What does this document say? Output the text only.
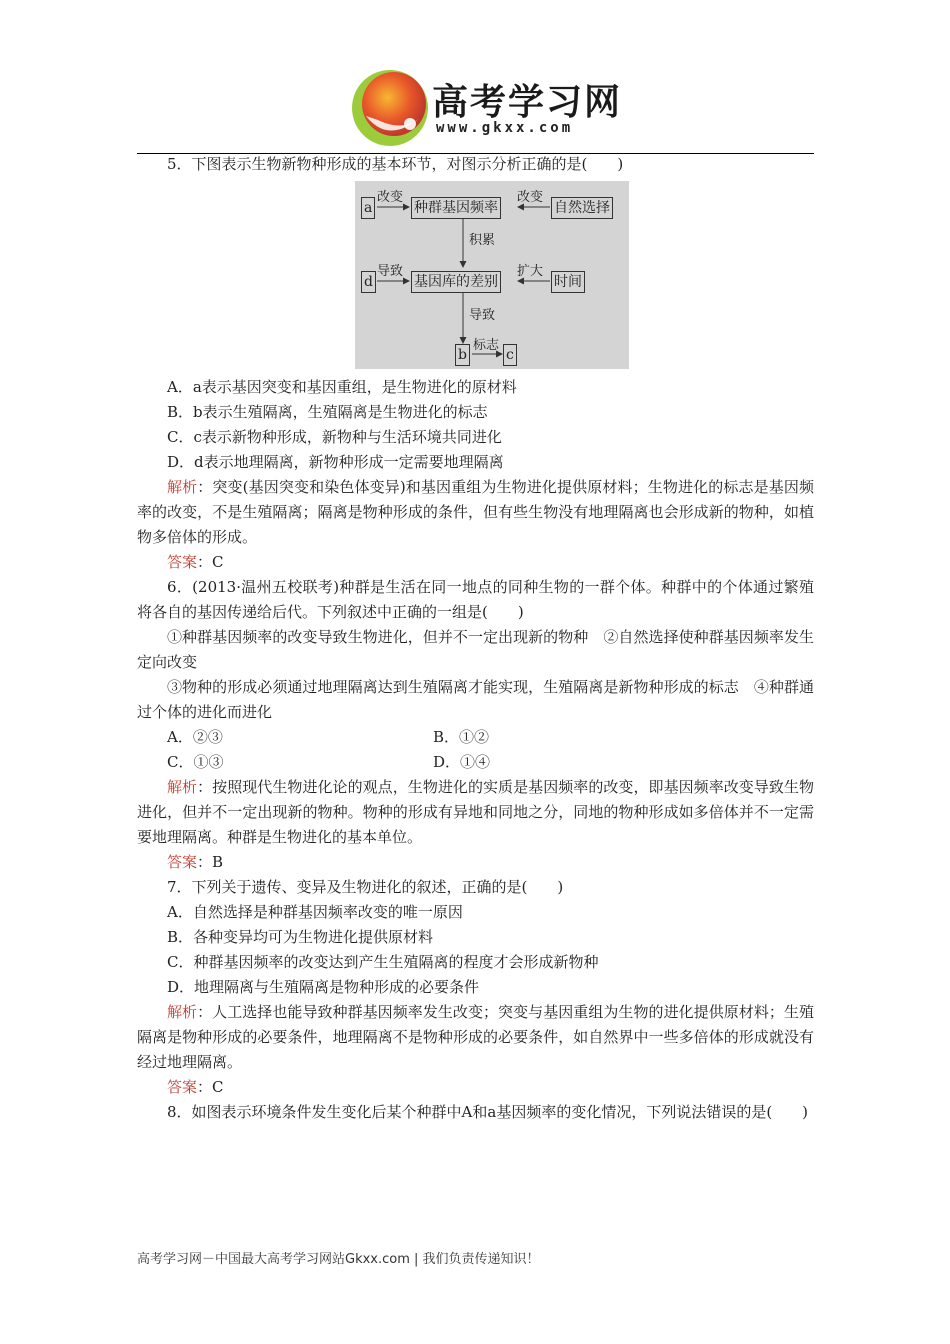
高考学习网
www.gkxx.com

5．下图表示生物新物种形成的基本环节，对图示分析正确的是(　　)

a
改变
种群基因频率
改变
自然选择
积累
d
导致
基因库的差别
扩大
时间
导致
b
标志
c

A．a表示基因突变和基因重组，是生物进化的原材料

B．b表示生殖隔离，生殖隔离是生物进化的标志

C．c表示新物种形成，新物种与生活环境共同进化

D．d表示地理隔离，新物种形成一定需要地理隔离

解析：突变(基因突变和染色体变异)和基因重组为生物进化提供原材料；生物进化的标志是基因频率的改变，不是生殖隔离；隔离是物种形成的条件，但有些生物没有地理隔离也会形成新的物种，如植物多倍体的形成。

答案：C

6．(2013·温州五校联考)种群是生活在同一地点的同种生物的一群个体。种群中的个体通过繁殖将各自的基因传递给后代。下列叙述中正确的一组是(　　)

①种群基因频率的改变导致生物进化，但并不一定出现新的物种　②自然选择使种群基因频率发生定向改变

③物种的形成必须通过地理隔离达到生殖隔离才能实现，生殖隔离是新物种形成的标志　④种群通过个体的进化而进化

A．②③	B．①②
C．①③	D．①④

解析：按照现代生物进化论的观点，生物进化的实质是基因频率的改变，即基因频率改变导致生物进化，但并不一定出现新的物种。物种的形成有异地和同地之分，同地的物种形成如多倍体并不一定需要地理隔离。种群是生物进化的基本单位。

答案：B

7．下列关于遗传、变异及生物进化的叙述，正确的是(　　)

A．自然选择是种群基因频率改变的唯一原因

B．各种变异均可为生物进化提供原材料

C．种群基因频率的改变达到产生生殖隔离的程度才会形成新物种

D．地理隔离与生殖隔离是物种形成的必要条件

解析：人工选择也能导致种群基因频率发生改变；突变与基因重组为生物的进化提供原材料；生殖隔离是物种形成的必要条件，地理隔离不是物种形成的必要条件，如自然界中一些多倍体的形成就没有经过地理隔离。

答案：C

8．如图表示环境条件发生变化后某个种群中A和a基因频率的变化情况，下列说法错误的是(　　)

高考学习网－中国最大高考学习网站Gkxx.com | 我们负责传递知识！
